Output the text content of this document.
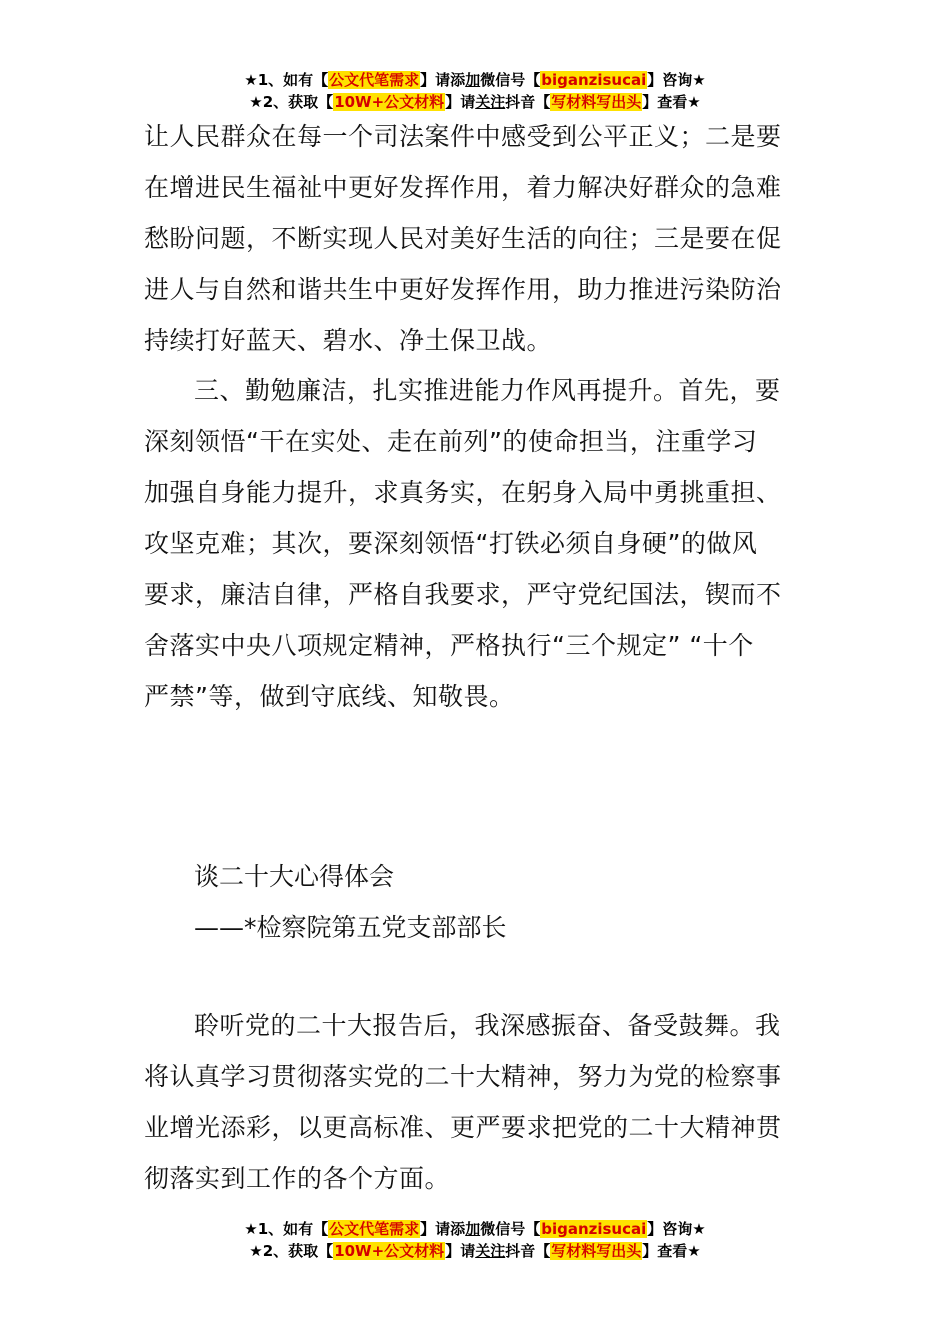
★1、如有【公文代笔需求】请添加微信号【biganzisucai】咨询★
★2、获取【10W+公文材料】请关注抖音【写材料写出头】查看★

让人民群众在每一个司法案件中感受到公平正义；二是要
在增进民生福祉中更好发挥作用，着力解决好群众的急难
愁盼问题，不断实现人民对美好生活的向往；三是要在促
进人与自然和谐共生中更好发挥作用，助力推进污染防治
持续打好蓝天、碧水、净土保卫战。

三、勤勉廉洁，扎实推进能力作风再提升。首先，要
深刻领悟“干在实处、走在前列”的使命担当，注重学习
加强自身能力提升，求真务实，在躬身入局中勇挑重担、
攻坚克难；其次，要深刻领悟“打铁必须自身硬”的做风
要求，廉洁自律，严格自我要求，严守党纪国法，锲而不
舍落实中央八项规定精神，严格执行“三个规定” “十个
严禁”等，做到守底线、知敬畏。

谈二十大心得体会
——*检察院第五党支部部长

聆听党的二十大报告后，我深感振奋、备受鼓舞。我
将认真学习贯彻落实党的二十大精神，努力为党的检察事
业增光添彩，以更高标准、更严要求把党的二十大精神贯
彻落实到工作的各个方面。

★1、如有【公文代笔需求】请添加微信号【biganzisucai】咨询★
★2、获取【10W+公文材料】请关注抖音【写材料写出头】查看★
